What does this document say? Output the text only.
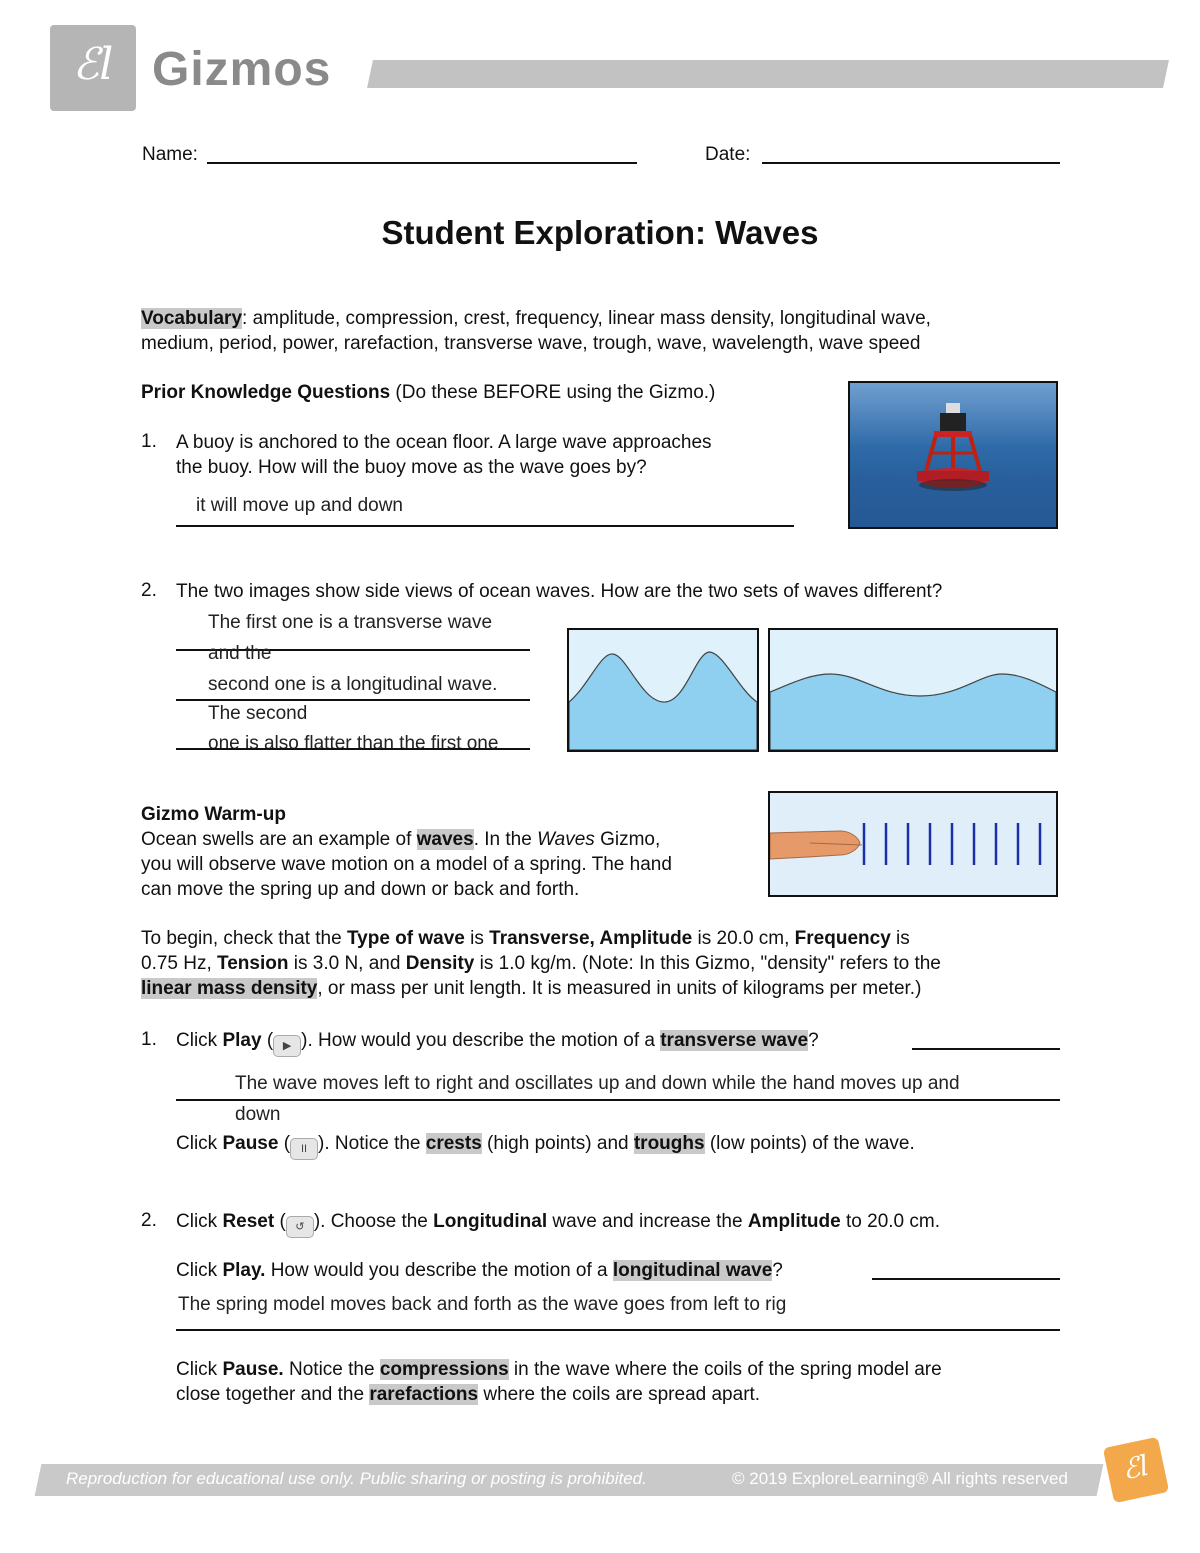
ℰl Gizmos
Name:	Date:
Student Exploration: Waves
Vocabulary: amplitude, compression, crest, frequency, linear mass density, longitudinal wave,
medium, period, power, rarefaction, transverse wave, trough, wave, wavelength, wave speed
Prior Knowledge Questions (Do these BEFORE using the Gizmo.)
1. A buoy is anchored to the ocean floor. A large wave approaches
the buoy. How will the buoy move as the wave goes by?
it will move up and down
2. The two images show side views of ocean waves. How are the two sets of waves different?
The first one is a transverse wave
and the
second one is a longitudinal wave.
The second
one is also flatter than the first one
Gizmo Warm-up
Ocean swells are an example of waves. In the Waves Gizmo,
you will observe wave motion on a model of a spring. The hand
can move the spring up and down or back and forth.
To begin, check that the Type of wave is Transverse, Amplitude is 20.0 cm, Frequency is
0.75 Hz, Tension is 3.0 N, and Density is 1.0 kg/m. (Note: In this Gizmo, "density" refers to the
linear mass density, or mass per unit length. It is measured in units of kilograms per meter.)
1. Click Play ( ▶ ). How would you describe the motion of a transverse wave?
The wave moves left to right and oscillates up and down while the hand moves up and
down
Click Pause ( II ). Notice the crests (high points) and troughs (low points) of the wave.
2. Click Reset ( ↺ ). Choose the Longitudinal wave and increase the Amplitude to 20.0 cm.
Click Play. How would you describe the motion of a longitudinal wave?
The spring model moves back and forth as the wave goes from left to rig
Click Pause. Notice the compressions in the wave where the coils of the spring model are
close together and the rarefactions where the coils are spread apart.
Reproduction for educational use only. Public sharing or posting is prohibited.	© 2019 ExploreLearning® All rights reserved	ℰl
